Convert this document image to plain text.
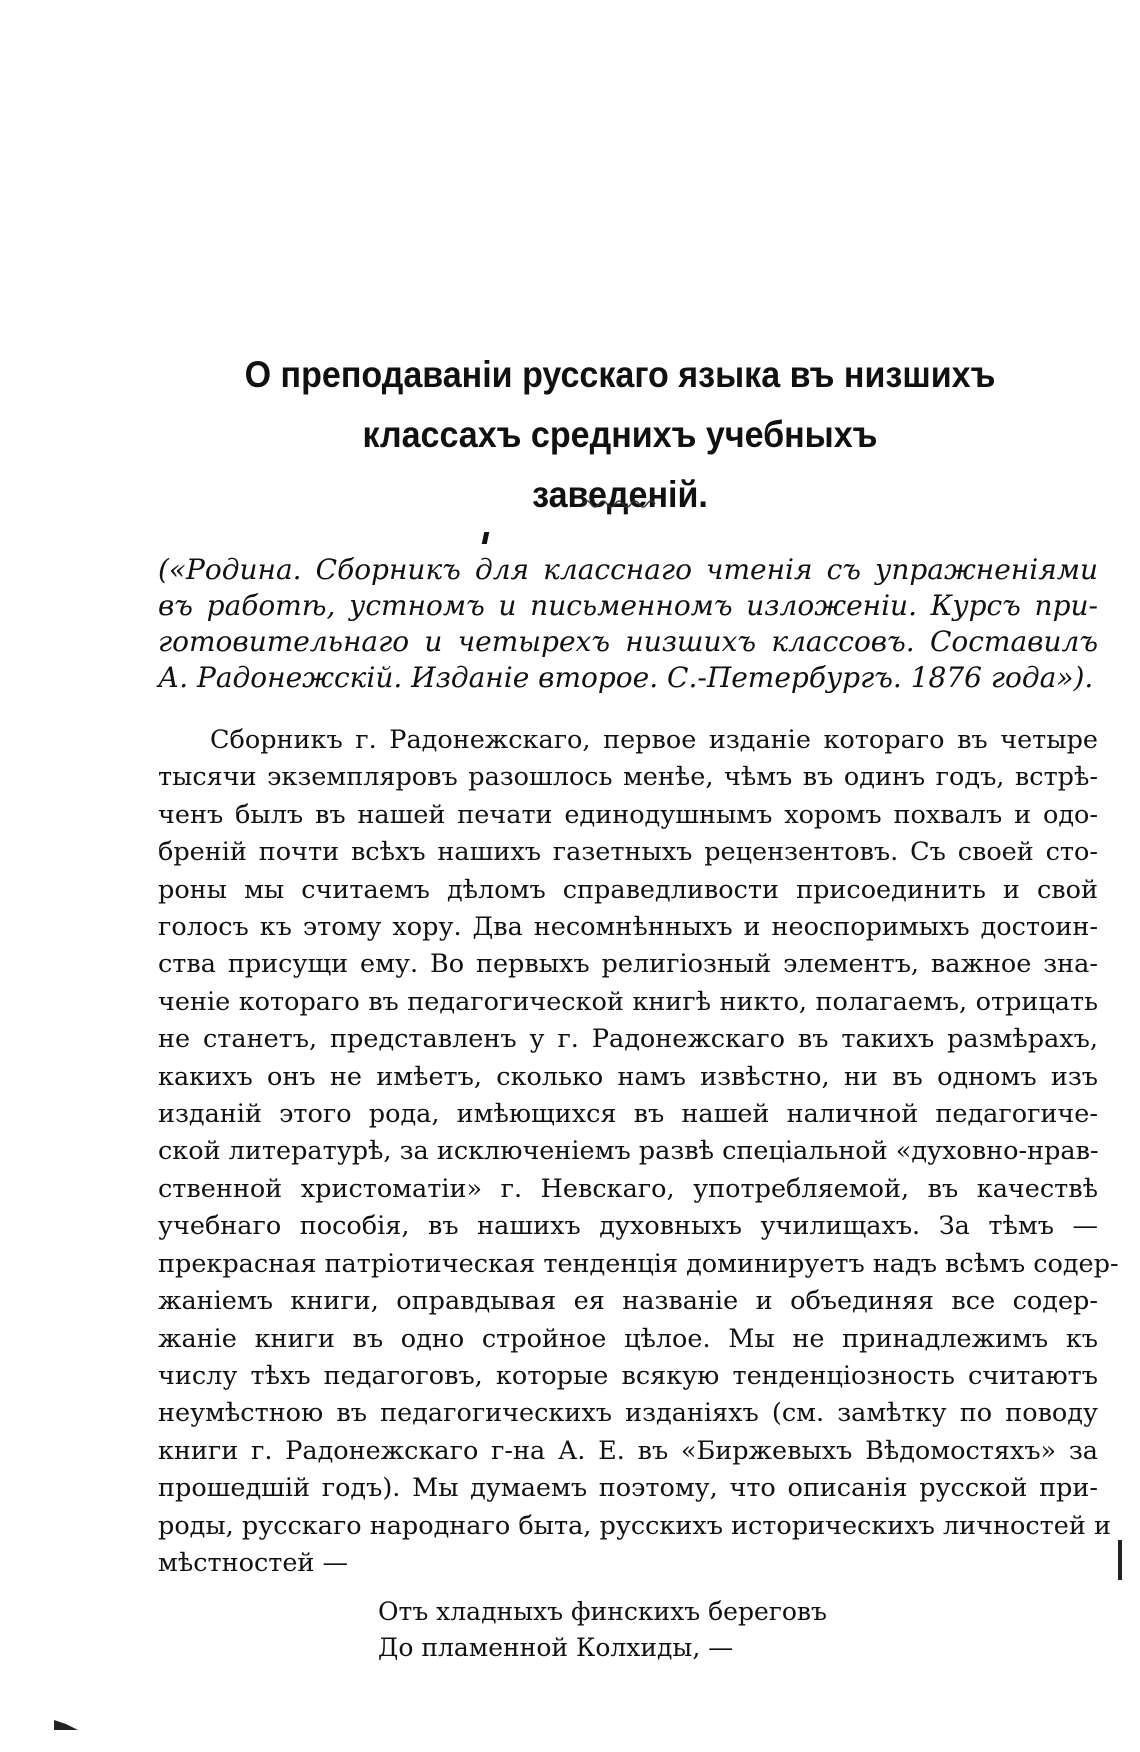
О преподаваніи русскаго языка въ низшихъ классахъ среднихъ учебныхъ
заведеній.
(«Родина. Сборникъ для класснаго чтенія съ упражненіями
въ работѣ, устномъ и письменномъ изложеніи. Курсъ при-
готовительнаго и четырехъ низшихъ классовъ. Составилъ
А. Радонежскій. Изданіе второе. С.-Петербургъ. 1876 года»).
Сборникъ г. Радонежскаго, первое изданіе котораго въ четыре
тысячи экземпляровъ разошлось менѣе, чѣмъ въ одинъ годъ, встрѣ-
ченъ былъ въ нашей печати единодушнымъ хоромъ похвалъ и одо-
бреній почти всѣхъ нашихъ газетныхъ рецензентовъ. Съ своей сто-
роны мы считаемъ дѣломъ справедливости присоединить и свой
голосъ къ этому хору. Два несомнѣнныхъ и неоспоримыхъ достоин-
ства присущи ему. Во первыхъ религіозный элементъ, важное зна-
ченіе котораго въ педагогической книгѣ никто, полагаемъ, отрицать
не станетъ, представленъ у г. Радонежскаго въ такихъ размѣрахъ,
какихъ онъ не имѣетъ, сколько намъ извѣстно, ни въ одномъ изъ
изданій этого рода, имѣющихся въ нашей наличной педагогиче-
ской литературѣ, за исключеніемъ развѣ спеціальной «духовно-нрав-
ственной христоматіи» г. Невскаго, употребляемой, въ качествѣ
учебнаго пособія, въ нашихъ духовныхъ училищахъ. За тѣмъ —
прекрасная патріотическая тенденція доминируетъ надъ всѣмъ содер-
жаніемъ книги, оправдывая ея названіе и объединяя все содер-
жаніе книги въ одно стройное цѣлое. Мы не принадлежимъ къ
числу тѣхъ педагоговъ, которые всякую тенденціозность считаютъ
неумѣстною въ педагогическихъ изданіяхъ (см. замѣтку по поводу
книги г. Радонежскаго г-на А. Е. въ «Биржевыхъ Вѣдомостяхъ» за
прошедшій годъ). Мы думаемъ поэтому, что описанія русской при-
роды, русскаго народнаго быта, русскихъ историческихъ личностей и
мѣстностей —
Отъ хладныхъ финскихъ береговъ
До пламенной Колхиды, —
